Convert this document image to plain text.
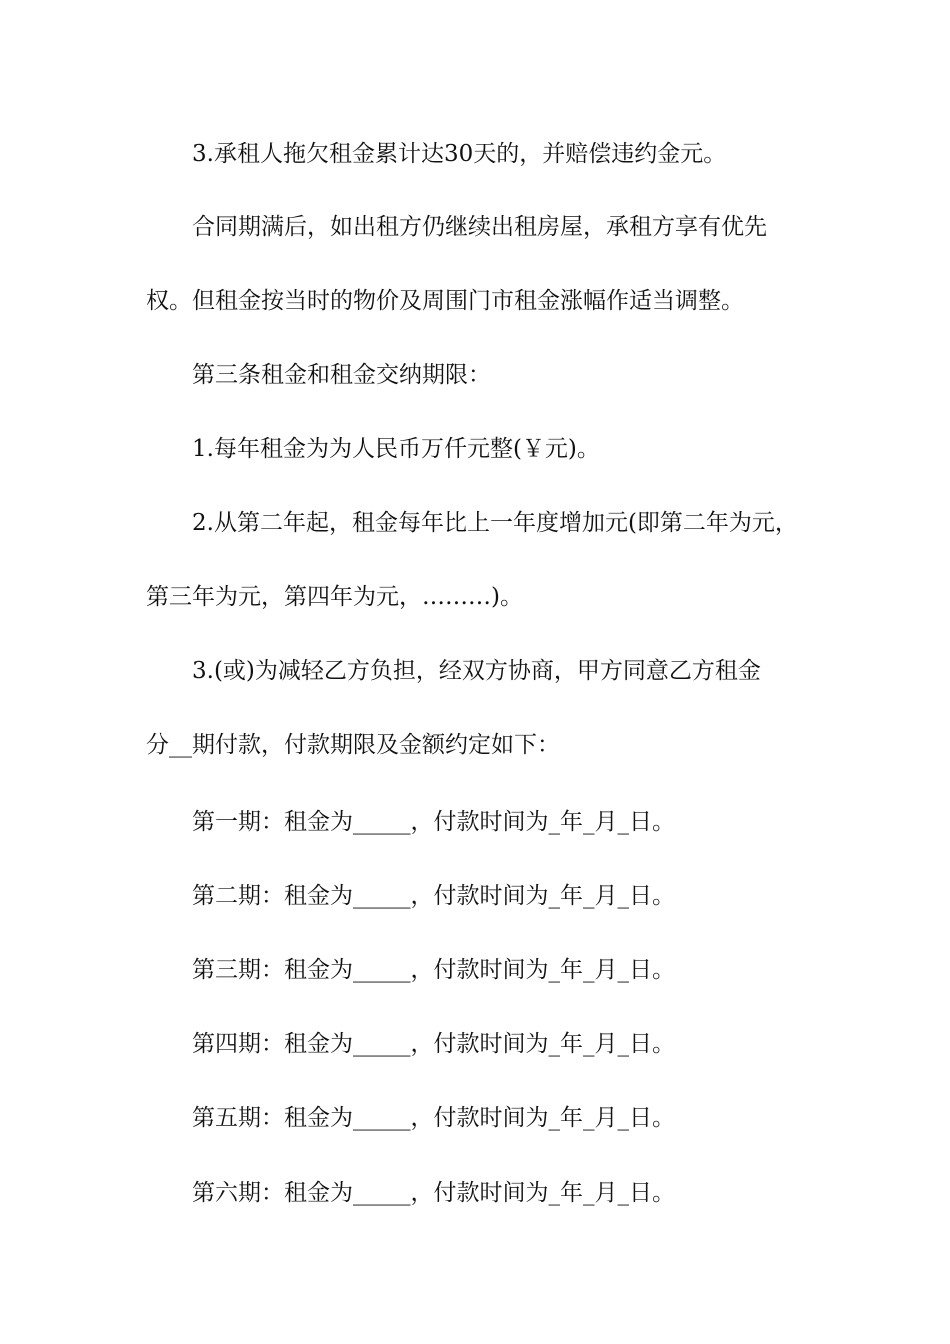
3.承租人拖欠租金累计达30天的，并赔偿违约金元。
合同期满后，如出租方仍继续出租房屋，承租方享有优先
权。但租金按当时的物价及周围门市租金涨幅作适当调整。
第三条租金和租金交纳期限：
1.每年租金为为人民币万仟元整(￥元)。
2.从第二年起，租金每年比上一年度增加元(即第二年为元，
第三年为元，第四年为元，………)。
3.(或)为减轻乙方负担，经双方协商，甲方同意乙方租金
分__期付款，付款期限及金额约定如下：
第一期：租金为_____，付款时间为_年_月_日。
第二期：租金为_____，付款时间为_年_月_日。
第三期：租金为_____，付款时间为_年_月_日。
第四期：租金为_____，付款时间为_年_月_日。
第五期：租金为_____，付款时间为_年_月_日。
第六期：租金为_____，付款时间为_年_月_日。
